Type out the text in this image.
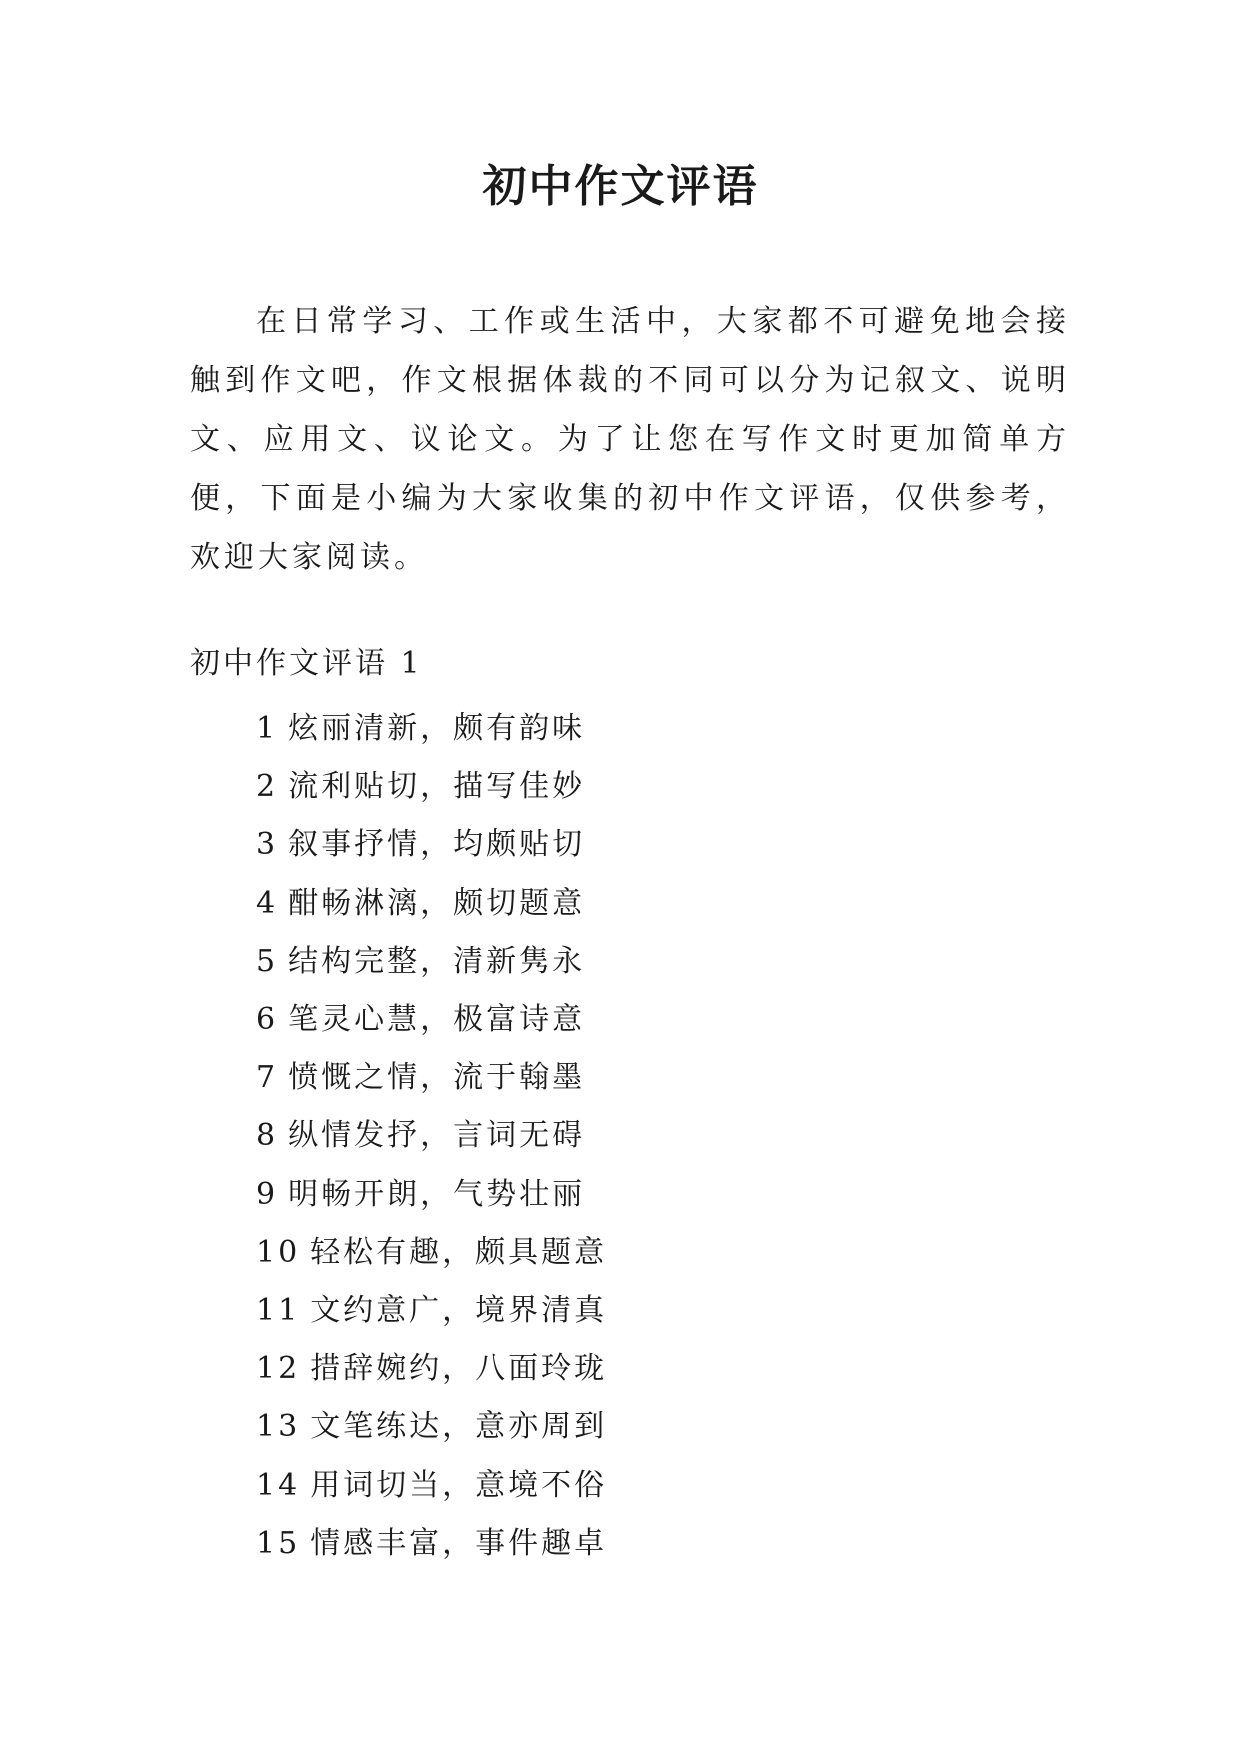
初中作文评语

在日常学习、工作或生活中，大家都不可避免地会接触到作文吧，作文根据体裁的不同可以分为记叙文、说明文、应用文、议论文。为了让您在写作文时更加简单方便，下面是小编为大家收集的初中作文评语，仅供参考，欢迎大家阅读。

初中作文评语 1
1 炫丽清新，颇有韵味
2 流利贴切，描写佳妙
3 叙事抒情，均颇贴切
4 酣畅淋漓，颇切题意
5 结构完整，清新隽永
6 笔灵心慧，极富诗意
7 愤慨之情，流于翰墨
8 纵情发抒，言词无碍
9 明畅开朗，气势壮丽
10 轻松有趣，颇具题意
11 文约意广，境界清真
12 措辞婉约，八面玲珑
13 文笔练达，意亦周到
14 用词切当，意境不俗
15 情感丰富，事件趣卓
